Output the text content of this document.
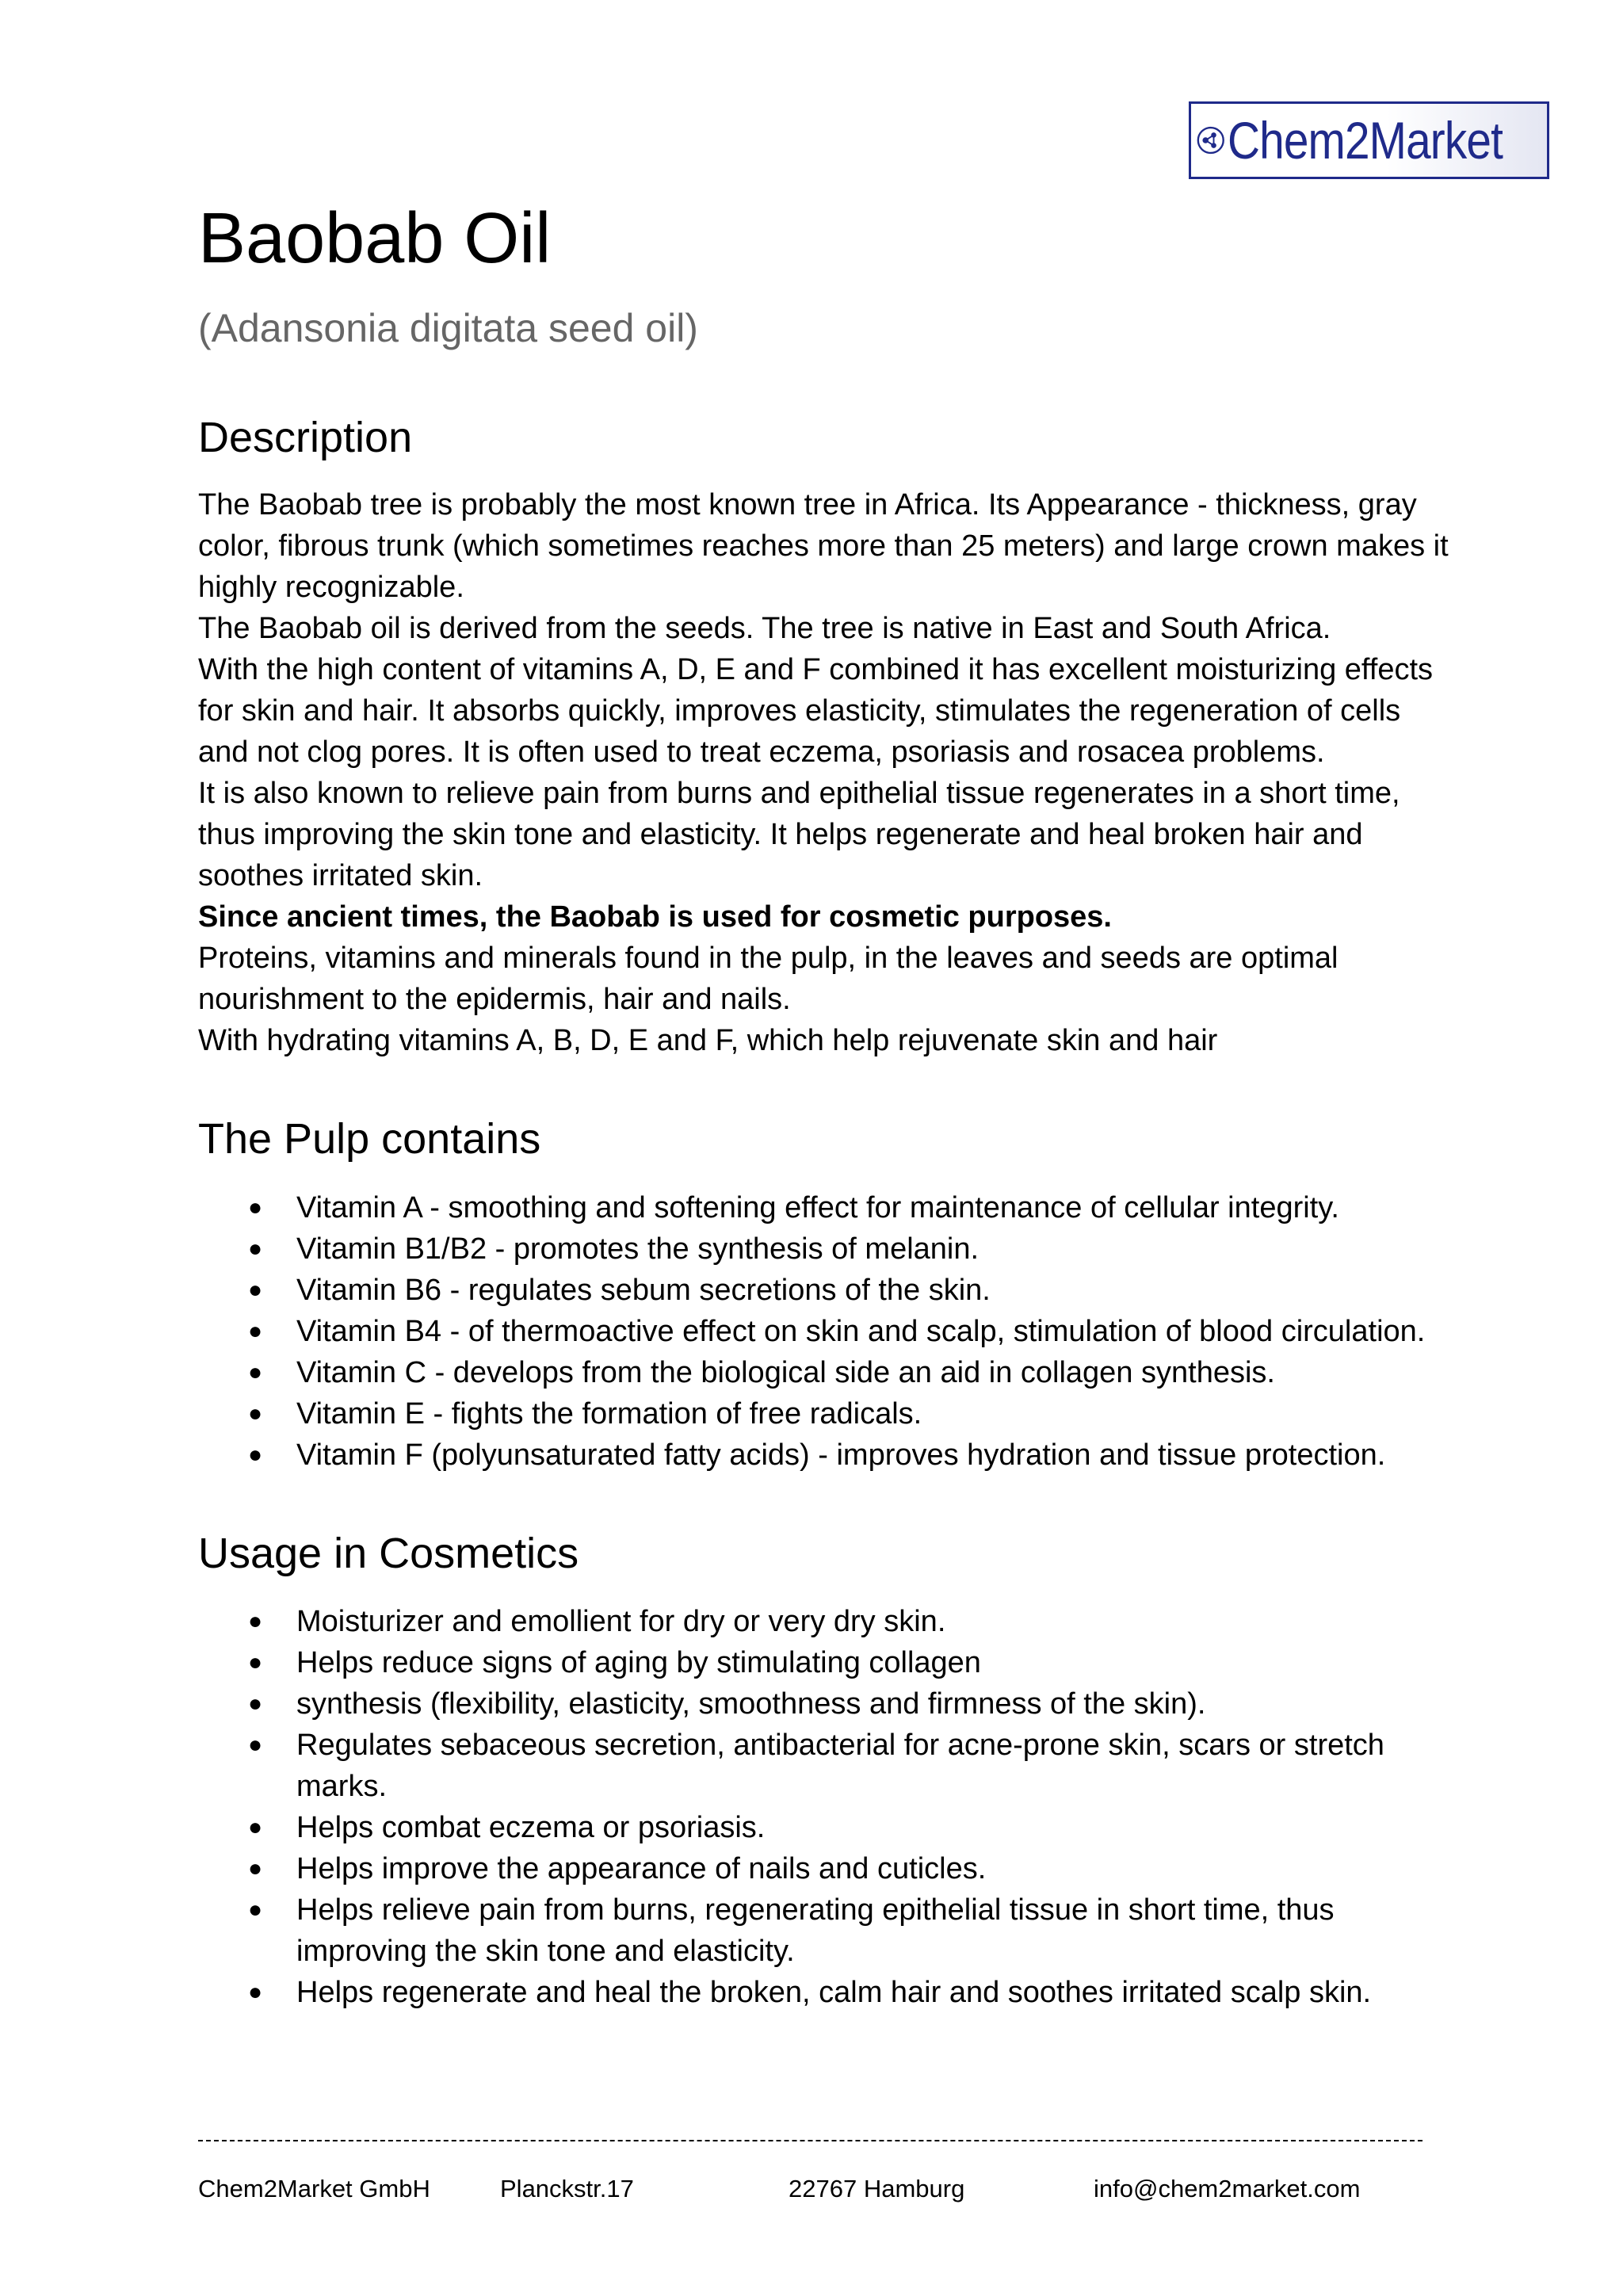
Chem2Market
Baobab Oil

(Adansonia digitata seed oil)

Description

The Baobab tree is probably the most known tree in Africa. Its Appearance - thickness, gray color, fibrous trunk (which sometimes reaches more than 25 meters) and large crown makes it highly recognizable.

The Baobab oil is derived from the seeds. The tree is native in East and South Africa.

With the high content of vitamins A, D, E and F combined it has excellent moisturizing effects for skin and hair. It absorbs quickly, improves elasticity, stimulates the regeneration of cells and not clog pores. It is often used to treat eczema, psoriasis and rosacea problems.

It is also known to relieve pain from burns and epithelial tissue regenerates in a short time, thus improving the skin tone and elasticity. It helps regenerate and heal broken hair and soothes irritated skin.

Since ancient times, the Baobab is used for cosmetic purposes.

Proteins, vitamins and minerals found in the pulp, in the leaves and seeds are optimal nourishment to the epidermis, hair and nails.

With hydrating vitamins A, B, D, E and F, which help rejuvenate skin and hair

The Pulp contains
● Vitamin A - smoothing and softening effect for maintenance of cellular integrity.
● Vitamin B1/B2 - promotes the synthesis of melanin.
● Vitamin B6 - regulates sebum secretions of the skin.
● Vitamin B4 - of thermoactive effect on skin and scalp, stimulation of blood circulation.
● Vitamin C - develops from the biological side an aid in collagen synthesis.
● Vitamin E - fights the formation of free radicals.
● Vitamin F (polyunsaturated fatty acids) - improves hydration and tissue protection.
Usage in Cosmetics
● Moisturizer and emollient for dry or very dry skin.
● Helps reduce signs of aging by stimulating collagen
● synthesis (flexibility, elasticity, smoothness and firmness of the skin).
● Regulates sebaceous secretion, antibacterial for acne-prone skin, scars or stretch marks.
● Helps combat eczema or psoriasis.
● Helps improve the appearance of nails and cuticles.
● Helps relieve pain from burns, regenerating epithelial tissue in short time, thus improving the skin tone and elasticity.
● Helps regenerate and heal the broken, calm hair and soothes irritated scalp skin.
Chem2Market GmbH	Planckstr.17	22767 Hamburg	info@chem2market.com
